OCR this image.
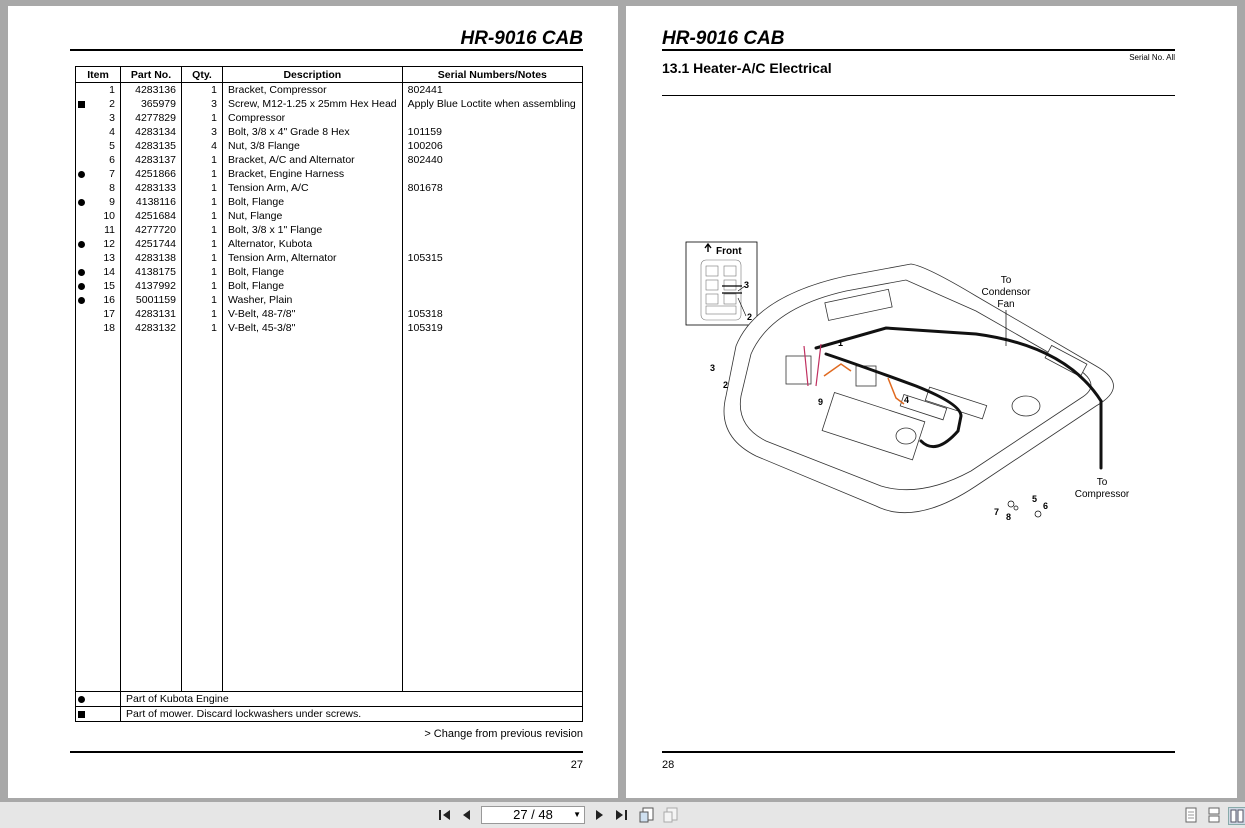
HR-9016 CAB
Item	Part No.	Qty.	Description	Serial Numbers/Notes
1	4283136	1	Bracket, Compressor	802441

2	365979	3	Screw, M12-1.25 x 25mm Hex Head	Apply Blue Loctite when assembling
3	4277829	1	Compressor	
4	4283134	3	Bolt, 3/8 x 4" Grade 8 Hex	101159
5	4283135	4	Nut, 3/8 Flange	100206
6	4283137	1	Bracket, A/C and Alternator	802440

7	4251866	1	Bracket, Engine Harness	
8	4283133	1	Tension Arm, A/C	801678

9	4138116	1	Bolt, Flange	
10	4251684	1	Nut, Flange	
11	4277720	1	Bolt, 3/8 x 1" Flange	

12	4251744	1	Alternator, Kubota	
13	4283138	1	Tension Arm, Alternator	105315

14	4138175	1	Bolt, Flange	

15	4137992	1	Bolt, Flange	

16	5001159	1	Washer, Plain	
17	4283131	1	V-Belt, 48-7/8"	105318
18	4283132	1	V-Belt, 45-3/8"	105319

	Part of Kubota Engine			

	Part of mower. Discard lockwashers under screws.			
> Change from previous revision
27
HR-9016 CAB
Serial No. All
13.1 Heater-A/C Electrical
Front
3
2
1
3
2
4
5
6
7 8
9
To
Condensor
Fan
To
Compressor
28
27 / 48	▼
